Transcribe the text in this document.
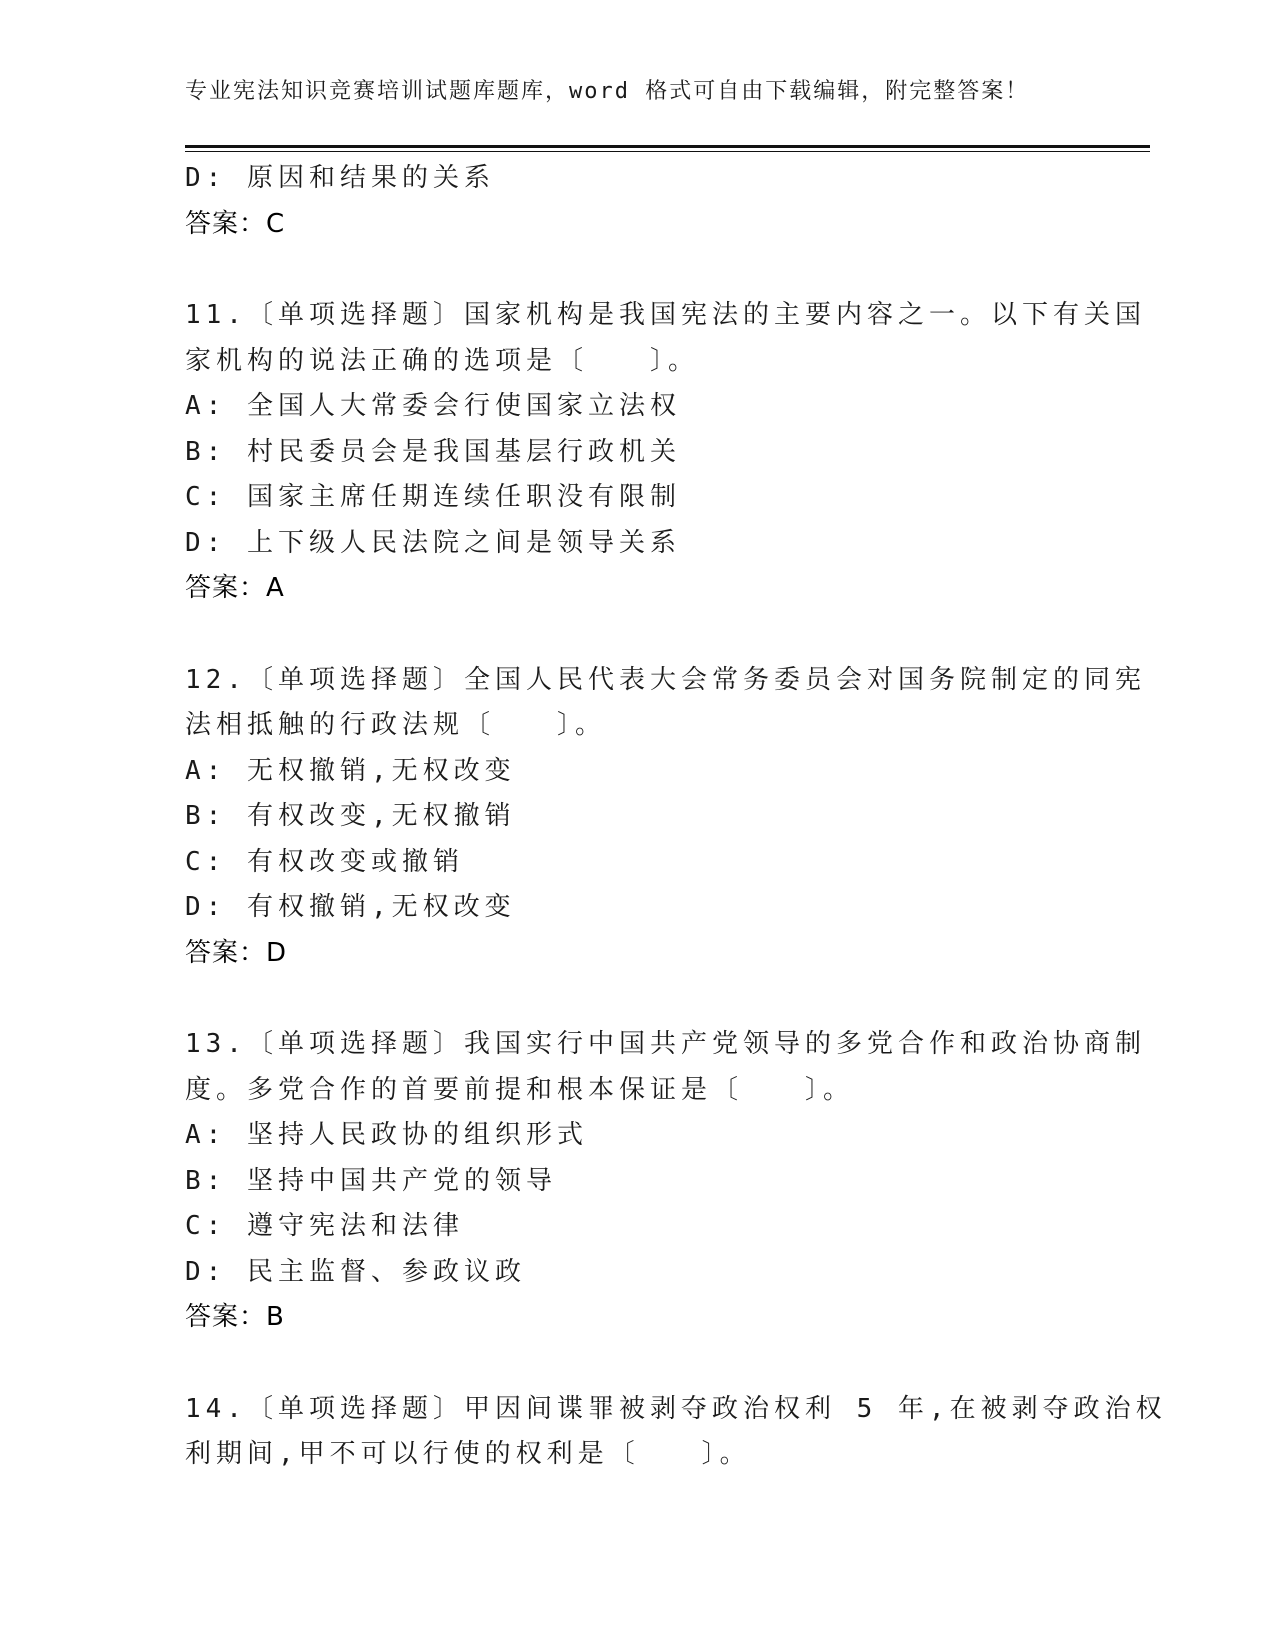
专业宪法知识竞赛培训试题库题库，word 格式可自由下载编辑，附完整答案！
D: 原因和结果的关系
答案：C
11.〔单项选择题〕国家机构是我国宪法的主要内容之一。以下有关国
家机构的说法正确的选项是〔　　〕。
A: 全国人大常委会行使国家立法权
B: 村民委员会是我国基层行政机关
C: 国家主席任期连续任职没有限制
D: 上下级人民法院之间是领导关系
答案：A
12.〔单项选择题〕全国人民代表大会常务委员会对国务院制定的同宪
法相抵触的行政法规〔　　〕。
A: 无权撤销,无权改变
B: 有权改变,无权撤销
C: 有权改变或撤销
D: 有权撤销,无权改变
答案：D
13.〔单项选择题〕我国实行中国共产党领导的多党合作和政治协商制
度。多党合作的首要前提和根本保证是〔　　〕。
A: 坚持人民政协的组织形式
B: 坚持中国共产党的领导
C: 遵守宪法和法律
D: 民主监督、参政议政
答案：B
14.〔单项选择题〕甲因间谍罪被剥夺政治权利 5 年,在被剥夺政治权
利期间,甲不可以行使的权利是〔　　〕。
